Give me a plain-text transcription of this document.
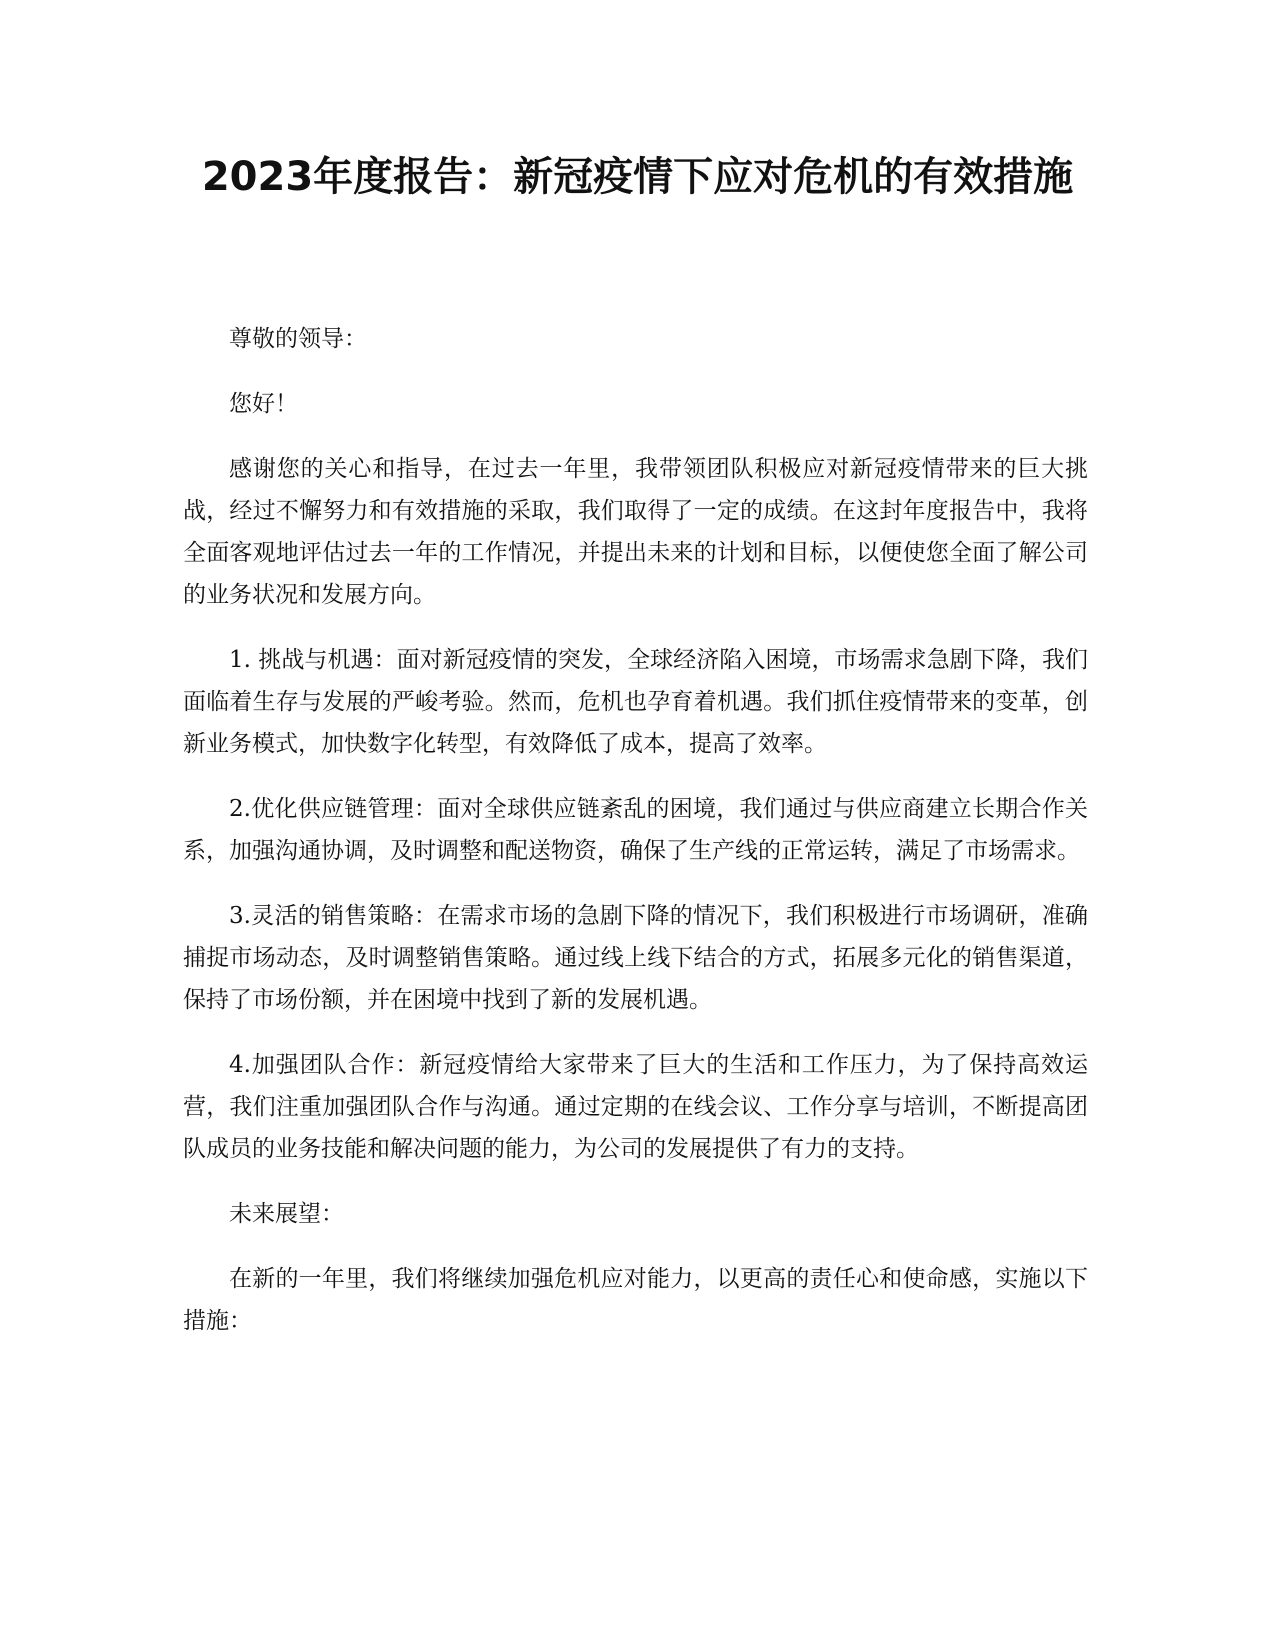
2023年度报告：新冠疫情下应对危机的有效措施

尊敬的领导：

您好！

感谢您的关心和指导，在过去一年里，我带领团队积极应对新冠疫情带来的巨大挑战，经过不懈努力和有效措施的采取，我们取得了一定的成绩。在这封年度报告中，我将全面客观地评估过去一年的工作情况，并提出未来的计划和目标，以便使您全面了解公司的业务状况和发展方向。

1. 挑战与机遇：面对新冠疫情的突发，全球经济陷入困境，市场需求急剧下降，我们面临着生存与发展的严峻考验。然而，危机也孕育着机遇。我们抓住疫情带来的变革，创新业务模式，加快数字化转型，有效降低了成本，提高了效率。

2.优化供应链管理：面对全球供应链紊乱的困境，我们通过与供应商建立长期合作关系，加强沟通协调，及时调整和配送物资，确保了生产线的正常运转，满足了市场需求。

3.灵活的销售策略：在需求市场的急剧下降的情况下，我们积极进行市场调研，准确捕捉市场动态，及时调整销售策略。通过线上线下结合的方式，拓展多元化的销售渠道，保持了市场份额，并在困境中找到了新的发展机遇。

4.加强团队合作：新冠疫情给大家带来了巨大的生活和工作压力，为了保持高效运营，我们注重加强团队合作与沟通。通过定期的在线会议、工作分享与培训，不断提高团队成员的业务技能和解决问题的能力，为公司的发展提供了有力的支持。

未来展望：

在新的一年里，我们将继续加强危机应对能力，以更高的责任心和使命感，实施以下措施：
